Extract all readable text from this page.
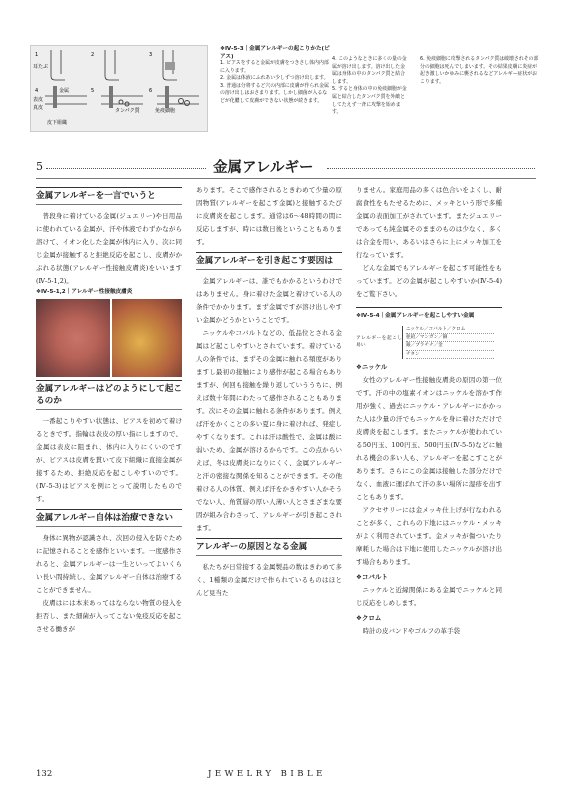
1	2	3
4	5	6
耳たぶ
金属
表皮
真皮	タンパク質	免疫細胞
皮下組織
❖Ⅳ-5-3｜金属アレルギーの起こりかた(ピアス)
1. ピアスをすると金属が皮膚をつきさし体内内部に入ります。
2. 金属は体液にふれあい少しずつ溶け出します。
3. 普通は分将するど穴の内部に皮膚が作られ金属の溶け出しはおさまります。しかし細菌が入るなどが化膿して皮膚ができない状態が続きます。
4. このようなときに多くの量の金属が溶け出します。溶け出した金属は身体の中のタンパク質と結合します。
5. すると身体の中の免疫細胞が金属と結合したタンパク質を外敵としてたえず一斉に攻撃を始めます。
6. 免疫細胞に攻撃されるタンパク質は破壊されその部分の細胞は死んでしまいます。その結果皮膚に炎症が起き激しいかゆみに襲されるなどアレルギー症状がおこります。
5	金属アレルギー
金属アレルギーを一言でいうと

普段身に着けている金属(ジュエリー)や日用品に使われている金属が、汗や体液でわずかながら溶けて、イオン化した金属が体内に入り、次に同じ金属が接触すると拒絶反応を起こし、皮膚がかぶれる状態(アレルギー性接触皮膚炎)をいいます(Ⅳ-5-1,2)。

❖Ⅳ-5-1,2｜アレルギー性接触皮膚炎
金属アレルギーはどのようにして起こるのか

一番起こりやすい状態は、ピアスを初めて着けるときです。指輪は表皮の厚い指にしますので、金属は表皮に阻まれ、体内に入りにくいのですが、ピアスは皮膚を貫いて皮下組織に直接金属が接するため、拒絶反応を起こしやすいのです。(Ⅳ-5-3)はピアスを例にとって説明したものです。

金属アレルギー自体は治療できない

身体に異物が認識され、次回の侵入を防ぐために記憶されることを感作といいます。一度感作されると、金属アレルギーは一生といってよいくらい長い間持続し、金属アレルギー自体は治療することができません。

皮膚はには本来あってはならない物質の侵入を拒否し、また細菌が入ってこない免疫反応を起こさせる働きが

あります。そこで感作されるときわめて少量の原因物質(アレルギーを起こす金属)と接触するたびに皮膚炎を起こします。通常は6〜48時間の間に反応しますが、時には数日後ということもあります。

金属アレルギーを引き起こす要因は

金属アレルギーは、誰でもかかるというわけではありません。身に着けた金属と着けている人の条件でかかります。まず金属ですが溶け出しやすい金属かどうかということです。

ニッケルやコバルトなどの、低品位とされる金属はど起こしやすいとされています。着けている人の条件では、まずその金属に触れる頻度がありますし最初の接触により感作が起こる場合もありますが、何回も接触を繰り返していううちに、例えば数十年間にわたって感作されることもあります。次にその金属に触れる条件があります。例えば汗をかくことの多い夏に身に着ければ、発症しやすくなります。これは汗は酸性で、金属は酸に弱いため、金属が溶けるからです。この点からいえば、冬は皮膚炎になりにくく、金属アレルギーと汗の密接な関係を知ることができます。その他着ける人の体質、例えば汗をかきやすい人かそうでない人、角質層の厚い人薄い人とさまざまな要因が組み合わさって、アレルギーが引き起こされます。

アレルギーの原因となる金属

私たちが日常接する金属製品の数はきわめて多く、1種類の金属だけで作られているものはほとんど見当た

りません。家庭用品の多くは色合いをよくし、耐腐食性をもたせるために、メッキという形で多種金属の表面加工がされています。またジュエリーであっても純金属そのままのものは少なく、多くは合金を用い、あるいはさらに上にメッキ加工を行なっています。

どんな金属でもアレルギーを起こす可能性をもっています。どの金属が起こしやすいか(Ⅳ-5-4)をご覧下さい。

❖Ⅳ-5-4｜金属アレルギーを起こしやすい金属
アレルギーを起こし易い
ニッケル／コバルト／クロム
亜鉛／マンガン／銅
銀／プラチナ／金
チタン
❖ニッケル

女性のアレルギー性接触皮膚炎の原因の第一位です。汗の中の塩素イオンはニッケルを溶かす作用が強く、過去にニッケル・アレルギーにかかった人は少量の汗でもニッケルを身に着けただけで皮膚炎を起こします。またニッケルが使われている50円玉、100円玉、500円玉(Ⅳ-5-5)などに触れる機会の多い人も、アレルギーを起こすことがあります。さらにこの金属は接触した部分だけでなく、血液に運ばれて汗の多い場所に湿疹を出すこともあります。

アクセサリーには金メッキ仕上げが行なわれることが多く、これらの下地にはニッケル・メッキがよく利用されています。金メッキが傷ついたり摩耗した場合は下地に使用したニッケルが溶け出す場合もあります。

❖コバルト

ニッケルと近縁関係にある金属でニッケルと同じ反応をしめします。

❖クロム

時計の皮バンドやゴルフの革手袋

132	JEWELRY BIBLE
